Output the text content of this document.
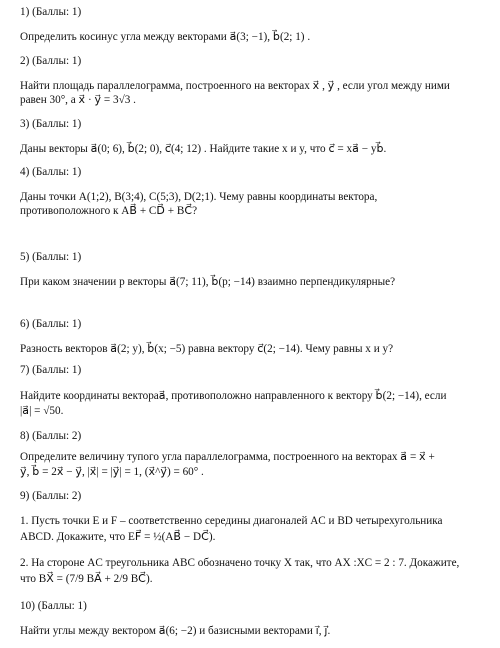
1) (Баллы: 1)
Определить косинус угла между векторами a⃗(3; −1), b⃗(2; 1) .
2) (Баллы: 1)
Найти площадь параллелограмма, построенного на векторах x⃗ , y⃗ , если угол между ними
равен 30°, а x⃗ · y⃗ = 3√3 .
3) (Баллы: 1)
Даны векторы a⃗(0; 6), b⃗(2; 0), c⃗(4; 12) . Найдите такие x и y, что c⃗ = xa⃗ − yb⃗.
4) (Баллы: 1)
Даны точки A(1;2), B(3;4), C(5;3), D(2;1). Чему равны координаты вектора,
противоположного к AB⃗ + CD⃗ + BC⃗?
5) (Баллы: 1)
При каком значении p векторы a⃗(7; 11), b⃗(p; −14) взаимно перпендикулярные?
6) (Баллы: 1)
Разность векторов a⃗(2; y), b⃗(x; −5) равна вектору c⃗(2; −14). Чему равны x и y?
7) (Баллы: 1)
Найдите координаты вектораa⃗, противоположно направленного к вектору b⃗(2; −14), если
|a⃗| = √50.
8) (Баллы: 2)
Определите величину тупого угла параллелограмма, построенного на векторах a⃗ = x⃗ +
y⃗, b⃗ = 2x⃗ − y⃗, |x⃗| = |y⃗| = 1, (x⃗^y⃗) = 60° .
9) (Баллы: 2)
1. Пусть точки E и F – соответственно середины диагоналей AC и BD четырехугольника
ABCD. Докажите, что EF⃗ = ½(AB⃗ − DC⃗).
2. На стороне AC треугольника ABC обозначено точку X так, что AX :XC = 2 : 7. Докажите,
что BX⃗ = (7/9 BA⃗ + 2/9 BC⃗).
10) (Баллы: 1)
Найти углы между вектором a⃗(6; −2) и базисными векторами i⃗, j⃗.
